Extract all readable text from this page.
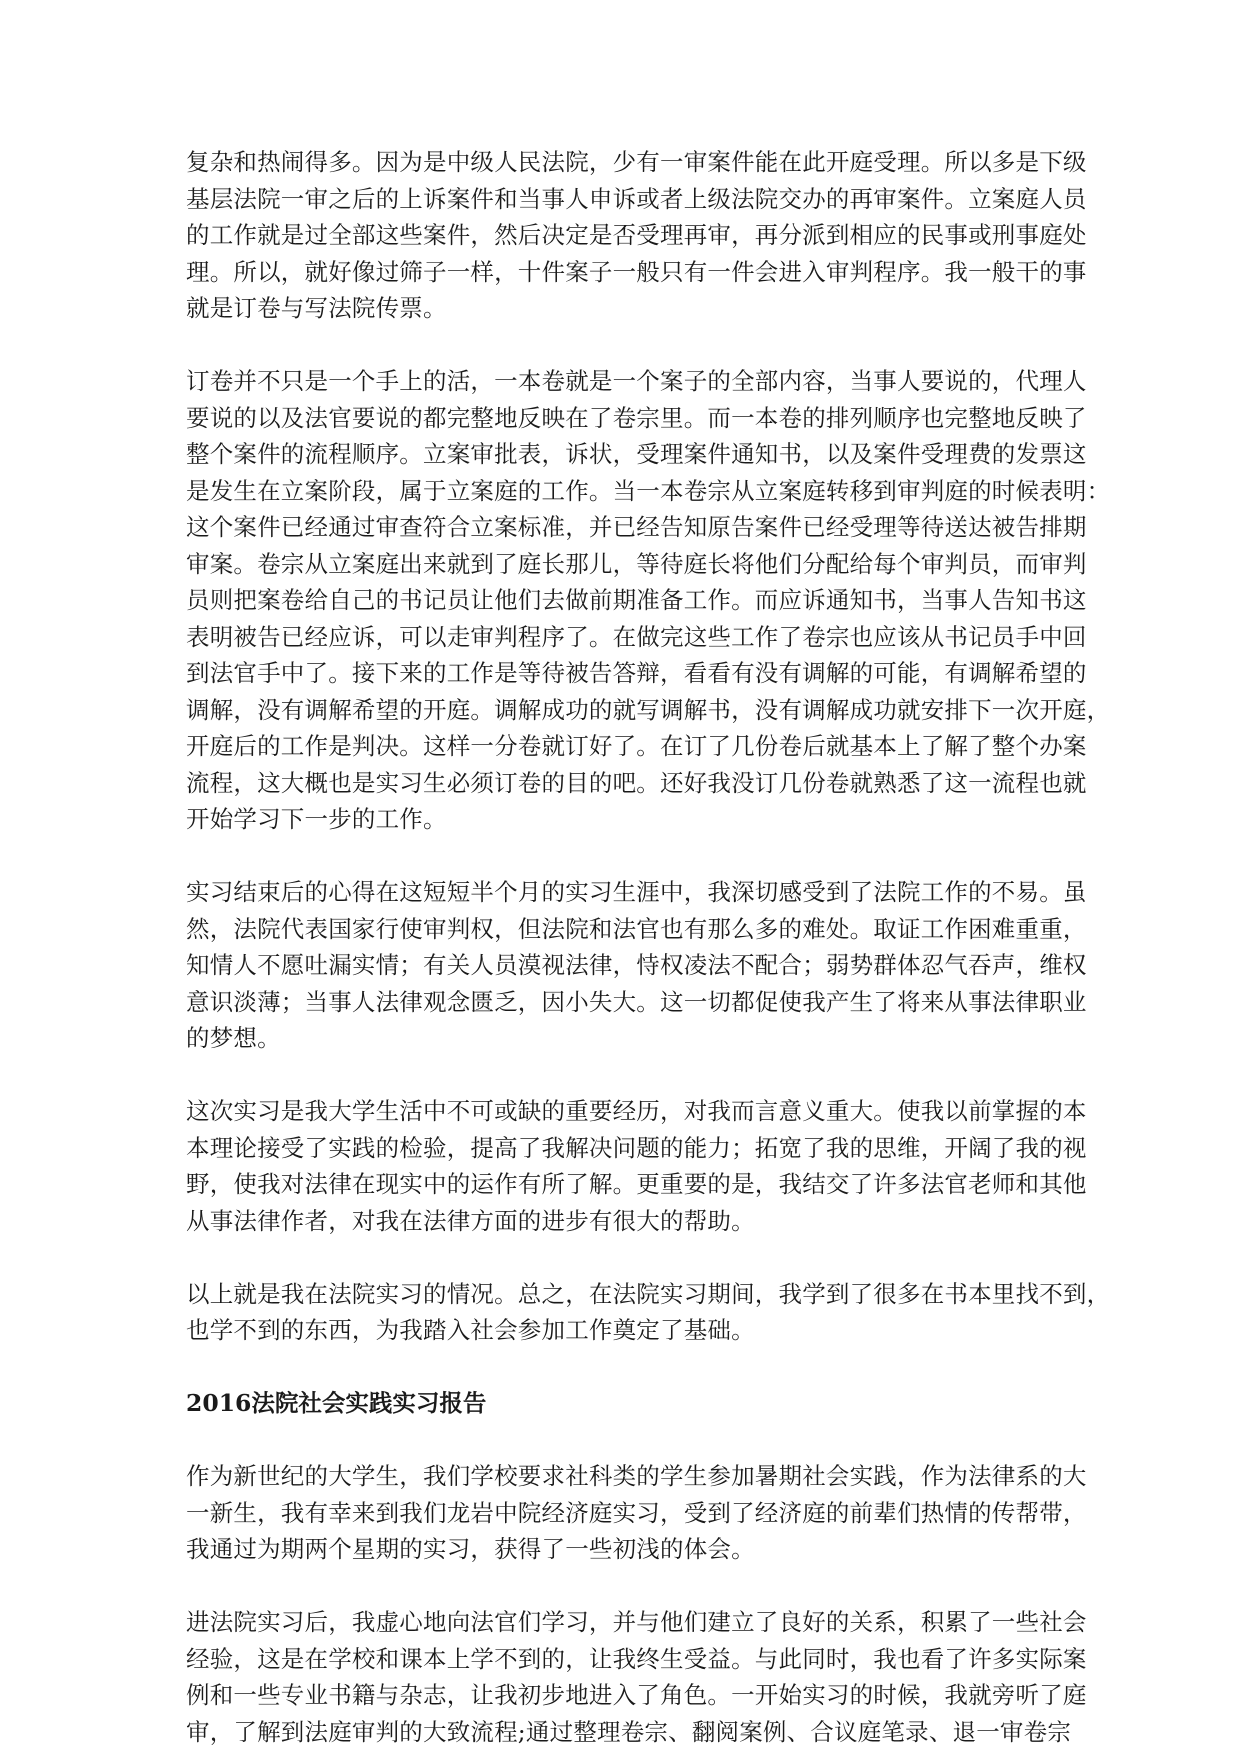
复杂和热闹得多。因为是中级人民法院，少有一审案件能在此开庭受理。所以多是下级
基层法院一审之后的上诉案件和当事人申诉或者上级法院交办的再审案件。立案庭人员
的工作就是过全部这些案件，然后决定是否受理再审，再分派到相应的民事或刑事庭处
理。所以，就好像过筛子一样，十件案子一般只有一件会进入审判程序。我一般干的事
就是订卷与写法院传票。

订卷并不只是一个手上的活，一本卷就是一个案子的全部内容，当事人要说的，代理人
要说的以及法官要说的都完整地反映在了卷宗里。而一本卷的排列顺序也完整地反映了
整个案件的流程顺序。立案审批表，诉状，受理案件通知书，以及案件受理费的发票这
是发生在立案阶段，属于立案庭的工作。当一本卷宗从立案庭转移到审判庭的时候表明：
这个案件已经通过审查符合立案标准，并已经告知原告案件已经受理等待送达被告排期
审案。卷宗从立案庭出来就到了庭长那儿，等待庭长将他们分配给每个审判员，而审判
员则把案卷给自己的书记员让他们去做前期准备工作。而应诉通知书，当事人告知书这
表明被告已经应诉，可以走审判程序了。在做完这些工作了卷宗也应该从书记员手中回
到法官手中了。接下来的工作是等待被告答辩，看看有没有调解的可能，有调解希望的
调解，没有调解希望的开庭。调解成功的就写调解书，没有调解成功就安排下一次开庭，
开庭后的工作是判决。这样一分卷就订好了。在订了几份卷后就基本上了解了整个办案
流程，这大概也是实习生必须订卷的目的吧。还好我没订几份卷就熟悉了这一流程也就
开始学习下一步的工作。

实习结束后的心得在这短短半个月的实习生涯中，我深切感受到了法院工作的不易。虽
然，法院代表国家行使审判权，但法院和法官也有那么多的难处。取证工作困难重重，
知情人不愿吐漏实情；有关人员漠视法律，恃权凌法不配合；弱势群体忍气吞声，维权
意识淡薄；当事人法律观念匮乏，因小失大。这一切都促使我产生了将来从事法律职业
的梦想。

这次实习是我大学生活中不可或缺的重要经历，对我而言意义重大。使我以前掌握的本
本理论接受了实践的检验，提高了我解决问题的能力；拓宽了我的思维，开阔了我的视
野，使我对法律在现实中的运作有所了解。更重要的是，我结交了许多法官老师和其他
从事法律作者，对我在法律方面的进步有很大的帮助。

以上就是我在法院实习的情况。总之，在法院实习期间，我学到了很多在书本里找不到，
也学不到的东西，为我踏入社会参加工作奠定了基础。

2016法院社会实践实习报告

作为新世纪的大学生，我们学校要求社科类的学生参加暑期社会实践，作为法律系的大
一新生，我有幸来到我们龙岩中院经济庭实习，受到了经济庭的前辈们热情的传帮带，
我通过为期两个星期的实习，获得了一些初浅的体会。

进法院实习后，我虚心地向法官们学习，并与他们建立了良好的关系，积累了一些社会
经验，这是在学校和课本上学不到的，让我终生受益。与此同时，我也看了许多实际案
例和一些专业书籍与杂志，让我初步地进入了角色。一开始实习的时候，我就旁听了庭
审，了解到法庭审判的大致流程;通过整理卷宗、翻阅案例、合议庭笔录、退一审卷宗
